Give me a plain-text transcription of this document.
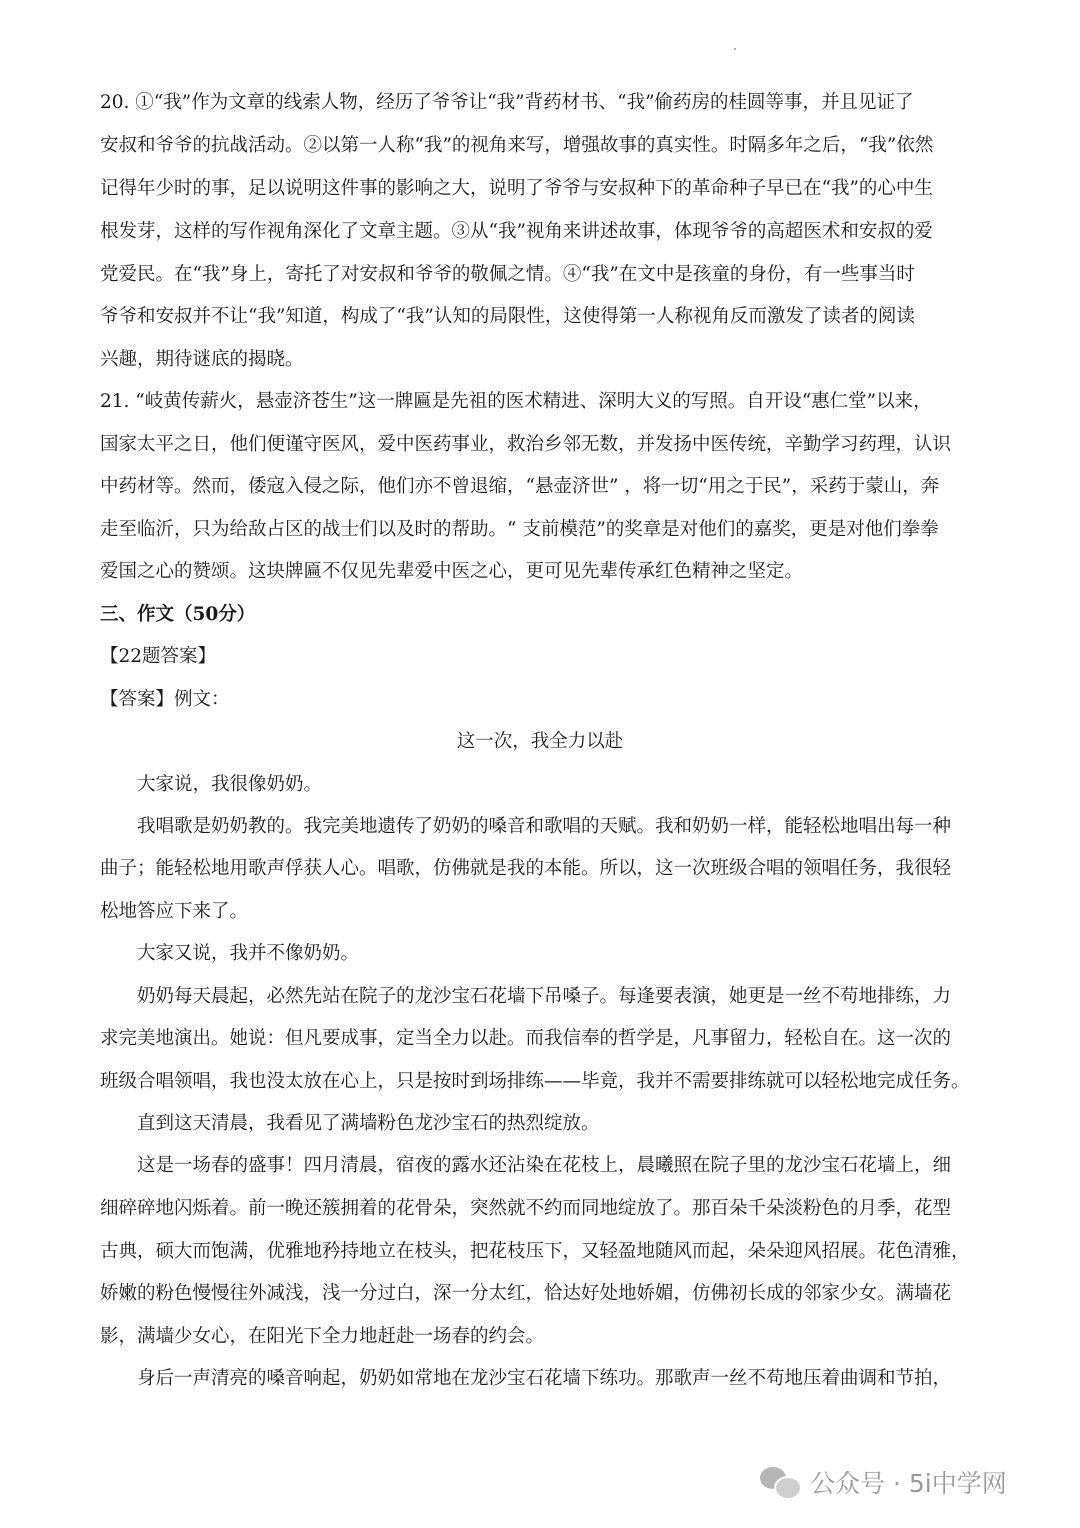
20. ①“我”作为文章的线索人物，经历了爷爷让“我”背药材书、“我”偷药房的桂圆等事，并且见证了
安叔和爷爷的抗战活动。②以第一人称“我”的视角来写，增强故事的真实性。时隔多年之后，“我”依然
记得年少时的事，足以说明这件事的影响之大，说明了爷爷与安叔种下的革命种子早已在“我”的心中生
根发芽，这样的写作视角深化了文章主题。③从“我”视角来讲述故事，体现爷爷的高超医术和安叔的爱
党爱民。在“我”身上，寄托了对安叔和爷爷的敬佩之情。④“我”在文中是孩童的身份，有一些事当时
爷爷和安叔并不让“我”知道，构成了“我”认知的局限性，这使得第一人称视角反而激发了读者的阅读
兴趣，期待谜底的揭晓。
21. “岐黄传薪火，悬壶济苍生”这一牌匾是先祖的医术精进、深明大义的写照。自开设“惠仁堂”以来，
国家太平之日，他们便谨守医风，爱中医药事业，救治乡邻无数，并发扬中医传统，辛勤学习药理，认识
中药材等。然而，倭寇入侵之际，他们亦不曾退缩，“悬壶济世” ，将一切“用之于民”，采药于蒙山，奔
走至临沂，只为给敌占区的战士们以及时的帮助。“ 支前模范”的奖章是对他们的嘉奖，更是对他们拳拳
爱国之心的赞颂。这块牌匾不仅见先辈爱中医之心，更可见先辈传承红色精神之坚定。
三、作文（50分）
【22题答案】
【答案】例文：
这一次，我全力以赴
大家说，我很像奶奶。
我唱歌是奶奶教的。我完美地遗传了奶奶的嗓音和歌唱的天赋。我和奶奶一样，能轻松地唱出每一种
曲子；能轻松地用歌声俘获人心。唱歌，仿佛就是我的本能。所以，这一次班级合唱的领唱任务，我很轻
松地答应下来了。
大家又说，我并不像奶奶。
奶奶每天晨起，必然先站在院子的龙沙宝石花墙下吊嗓子。每逢要表演，她更是一丝不苟地排练，力
求完美地演出。她说：但凡要成事，定当全力以赴。而我信奉的哲学是，凡事留力，轻松自在。这一次的
班级合唱领唱，我也没太放在心上，只是按时到场排练——毕竟，我并不需要排练就可以轻松地完成任务。
直到这天清晨，我看见了满墙粉色龙沙宝石的热烈绽放。
这是一场春的盛事！四月清晨，宿夜的露水还沾染在花枝上，晨曦照在院子里的龙沙宝石花墙上，细
细碎碎地闪烁着。前一晚还簇拥着的花骨朵，突然就不约而同地绽放了。那百朵千朵淡粉色的月季，花型
古典，硕大而饱满，优雅地矜持地立在枝头，把花枝压下，又轻盈地随风而起，朵朵迎风招展。花色清雅，
娇嫩的粉色慢慢往外减浅，浅一分过白，深一分太红，恰达好处地娇媚，仿佛初长成的邻家少女。满墙花
影，满墙少女心，在阳光下全力地赶赴一场春的约会。
身后一声清亮的嗓音响起，奶奶如常地在龙沙宝石花墙下练功。那歌声一丝不苟地压着曲调和节拍，
公众号 · 5i中学网
